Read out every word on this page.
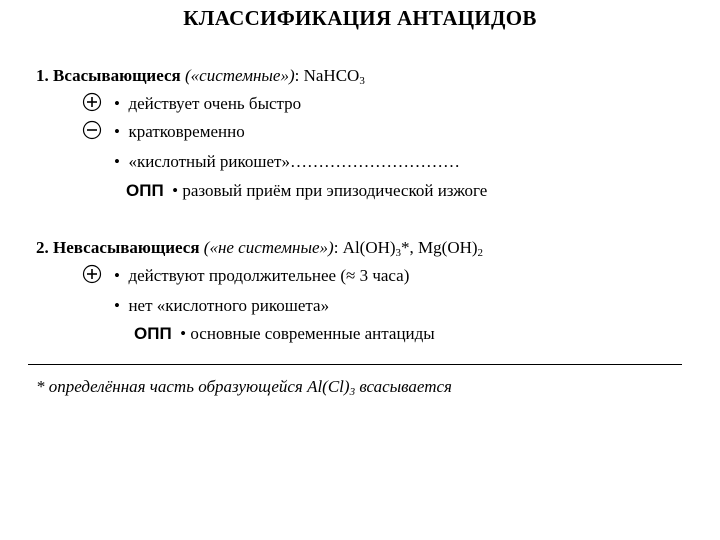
КЛАССИФИКАЦИЯ АНТАЦИДОВ
1. Всасывающиеся («системные»): NaHCO$_3$
• действует очень быстро
• кратковременно
• «кислотный рикошет»…………………………
ОПП • разовый приём при эпизодической изжоге
2. Невсасывающиеся («не системные»): $Al(OH)_3*$, $Mg(OH)_2$
• действуют продолжительнее (≈ 3 часа)
• нет «кислотного рикошета»
ОПП • основные современные антациды
* определённая часть образующейся $Al(Cl)_3$ всасывается
